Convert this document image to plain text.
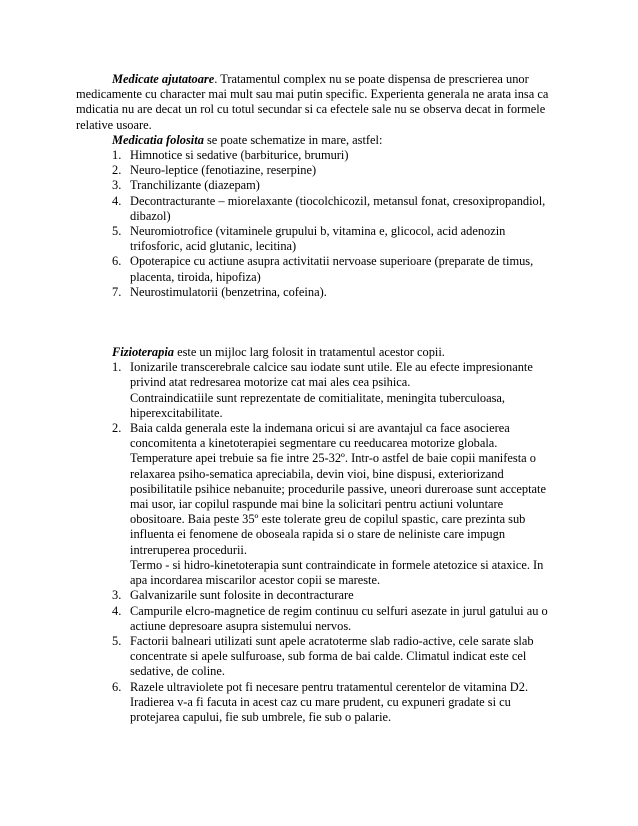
Medicate ajutatoare. Tratamentul complex nu se poate dispensa de prescrierea unor medicamente cu character mai mult sau mai putin specific. Experienta generala ne arata insa ca mdicatia nu are decat un rol cu totul secundar si ca efectele sale nu se observa decat in formele relative usoare.

Medicatia folosita se poate schematize in mare, astfel:

1. Himnotice si sedative (barbiturice, brumuri)
2. Neuro-leptice (fenotiazine, reserpine)
3. Tranchilizante (diazepam)
4. Decontracturante – miorelaxante (tiocolchicozil, metansul fonat, cresoxipropandiol, dibazol)
5. Neuromiotrofice (vitaminele grupului b, vitamina e, glicocol, acid adenozin trifosforic, acid glutanic, lecitina)
6. Opoterapice cu actiune asupra activitatii nervoase superioare (preparate de timus, placenta, tiroida, hipofiza)
7. Neurostimulatorii (benzetrina, cofeina).

Fizioterapia este un mijloc larg folosit in tratamentul acestor copii.

1. Ionizarile transcerebrale calcice sau iodate sunt utile. Ele au efecte impresionante privind atat redresarea motorize cat mai ales cea psihica.
Contraindicatiile sunt reprezentate de comitialitate, meningita tuberculoasa, hiperexcitabilitate.
2. Baia calda generala este la indemana oricui si are avantajul ca face asocierea concomitenta a kinetoterapiei segmentare cu reeducarea motorize globala. Temperature apei trebuie sa fie intre 25-32º. Intr-o astfel de baie copii manifesta o relaxarea psiho-sematica apreciabila, devin vioi, bine dispusi, exteriorizand posibilitatile psihice nebanuite; procedurile passive, uneori dureroase sunt acceptate mai usor, iar copilul raspunde mai bine la solicitari pentru actiuni voluntare obositoare. Baia peste 35º este tolerate greu de copilul spastic, care prezinta sub influenta ei fenomene de oboseala rapida si o stare de neliniste care impugn intreruperea procedurii.
Termo - si hidro-kinetoterapia sunt contraindicate in formele atetozice si ataxice. In apa incordarea miscarilor acestor copii se mareste.
3. Galvanizarile sunt folosite in decontracturare
4. Campurile elcro-magnetice de regim continuu cu selfuri asezate in jurul gatului au o actiune depresoare asupra sistemului nervos.
5. Factorii balneari utilizati sunt apele acratoterme slab radio-active, cele sarate slab concentrate si apele sulfuroase, sub forma de bai calde. Climatul indicat este cel sedative, de coline.
6. Razele ultraviolete pot fi necesare pentru tratamentul cerentelor de vitamina D2. Iradierea v-a fi facuta in acest caz cu mare prudent, cu expuneri gradate si cu protejarea capului, fie sub umbrele, fie sub o palarie.
